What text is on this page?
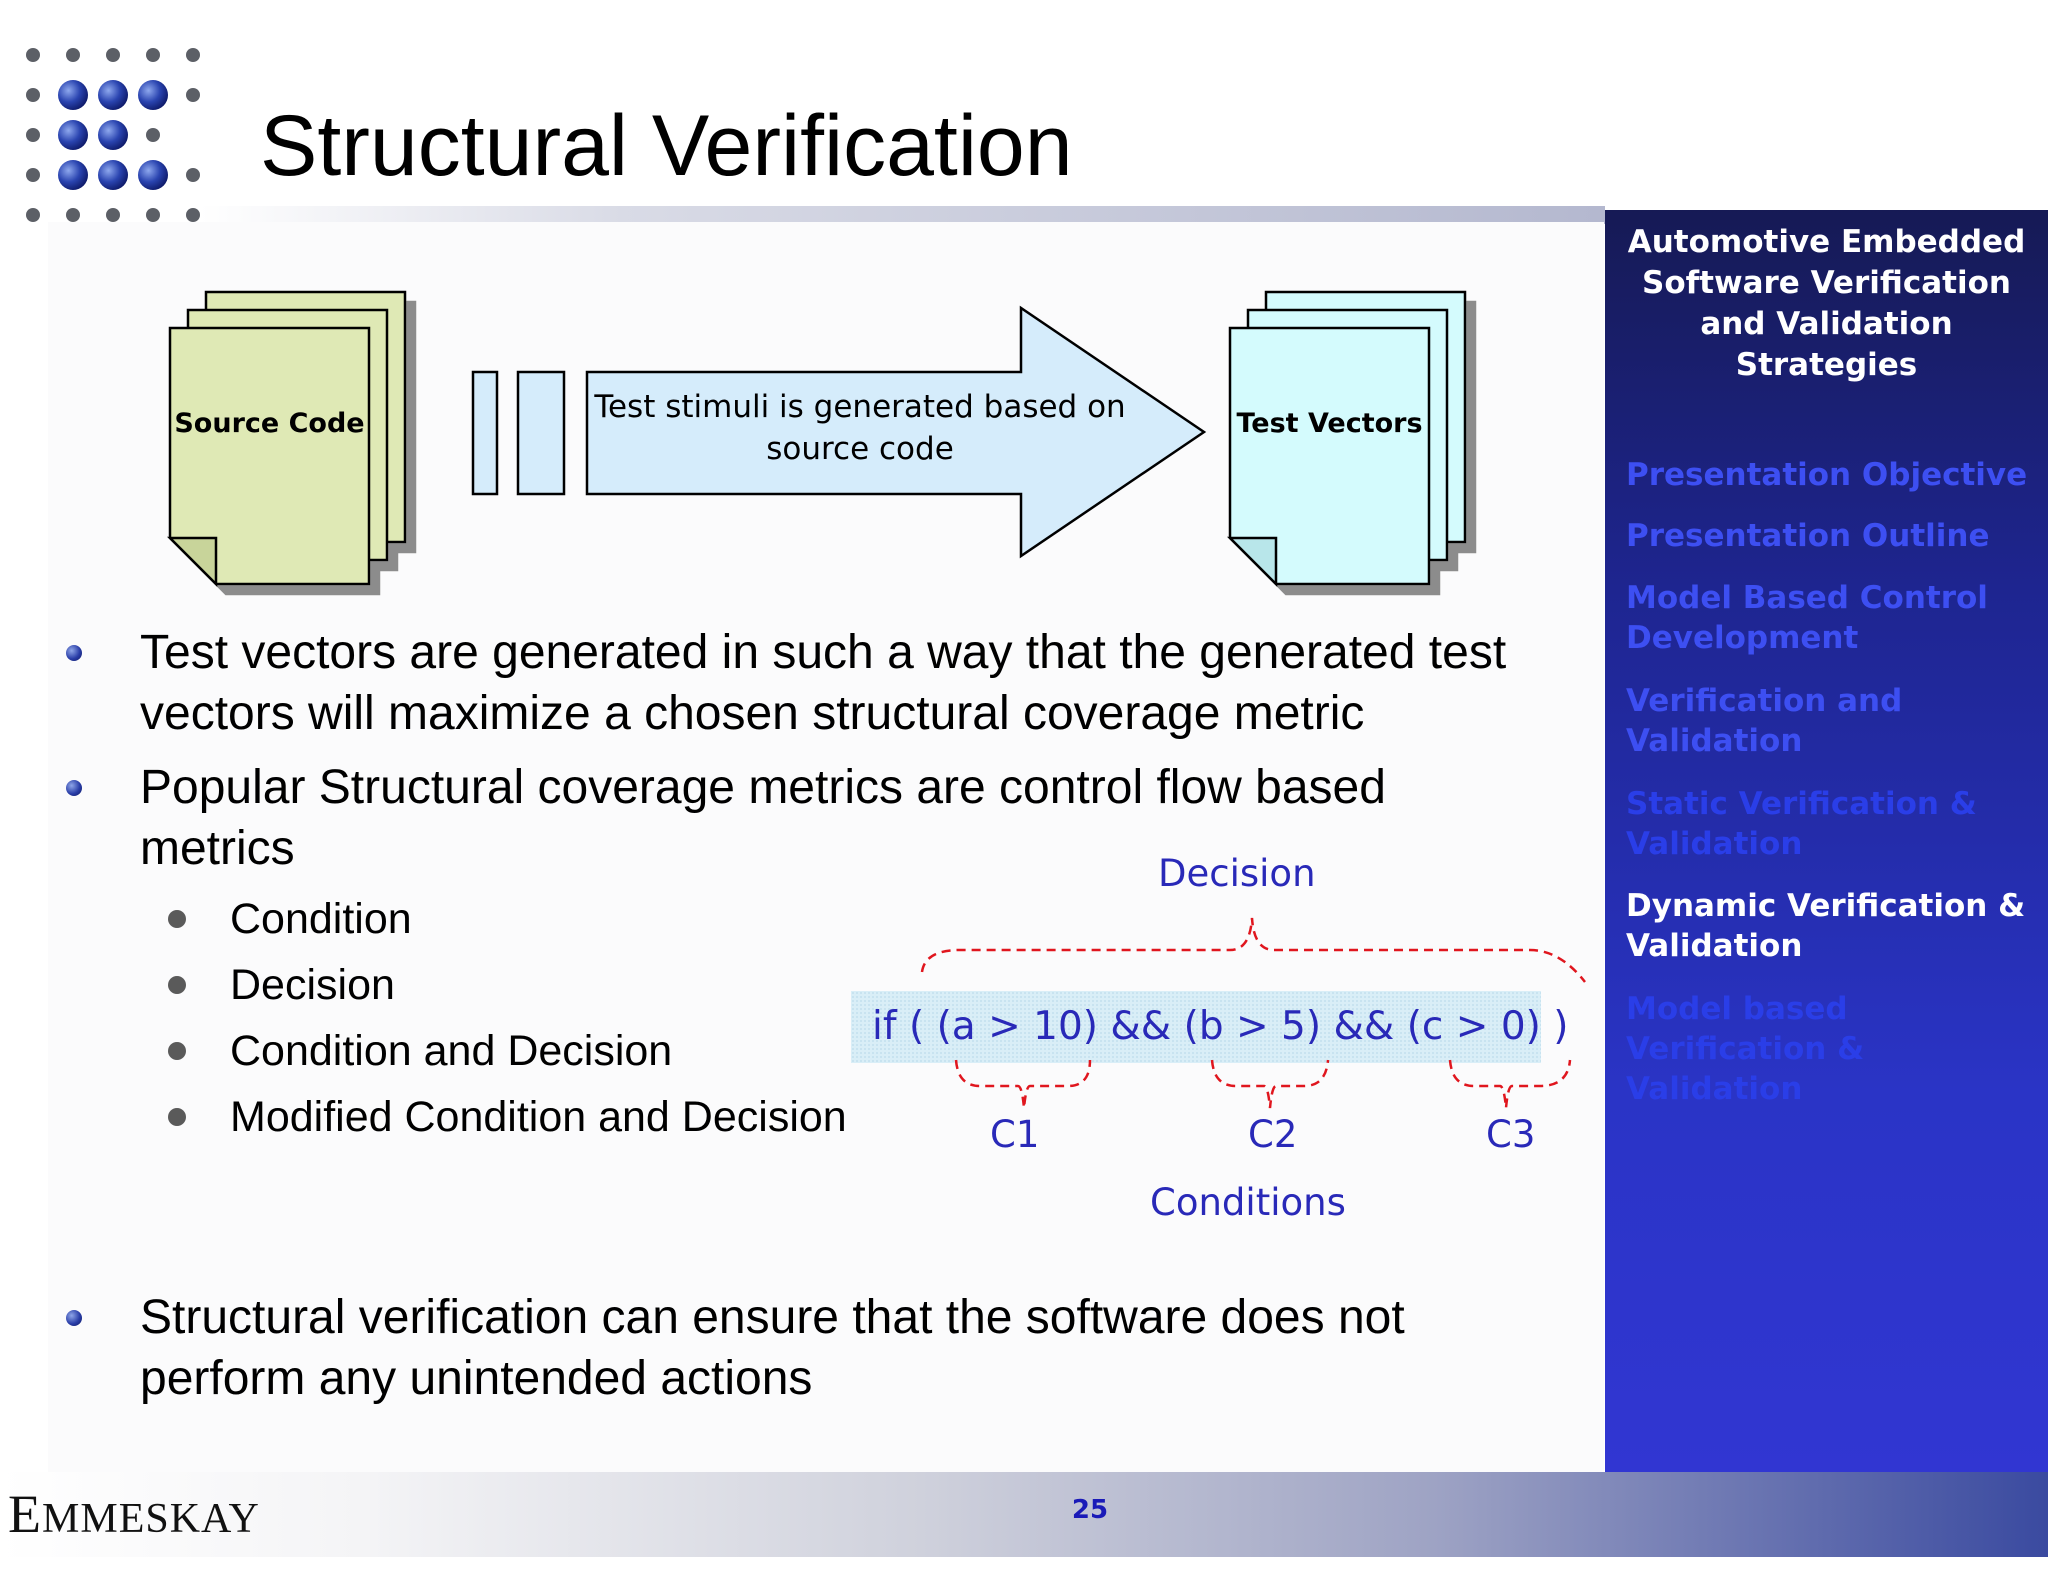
Structural Verification
Automotive Embedded Software Verification and Validation Strategies
Presentation Objective
Presentation Outline
Model Based Control Development
Verification and Validation
Static Verification & Validation
Dynamic Verification & Validation
Model based Verification & Validation
Source Code	Test stimuli is generated based on source code
Test Vectors
Test vectors are generated in such a way that the generated test vectors will maximize a chosen structural coverage metric
Popular Structural coverage metrics are control flow based metrics
Condition
Decision
Condition and Decision
Modified Condition and Decision
Structural verification can ensure that the software does not perform any unintended actions
if ( (a > 10) && (b > 5) && (c > 0) )
Decision
C1	C2	C3
Conditions
EMMESKAY	25
